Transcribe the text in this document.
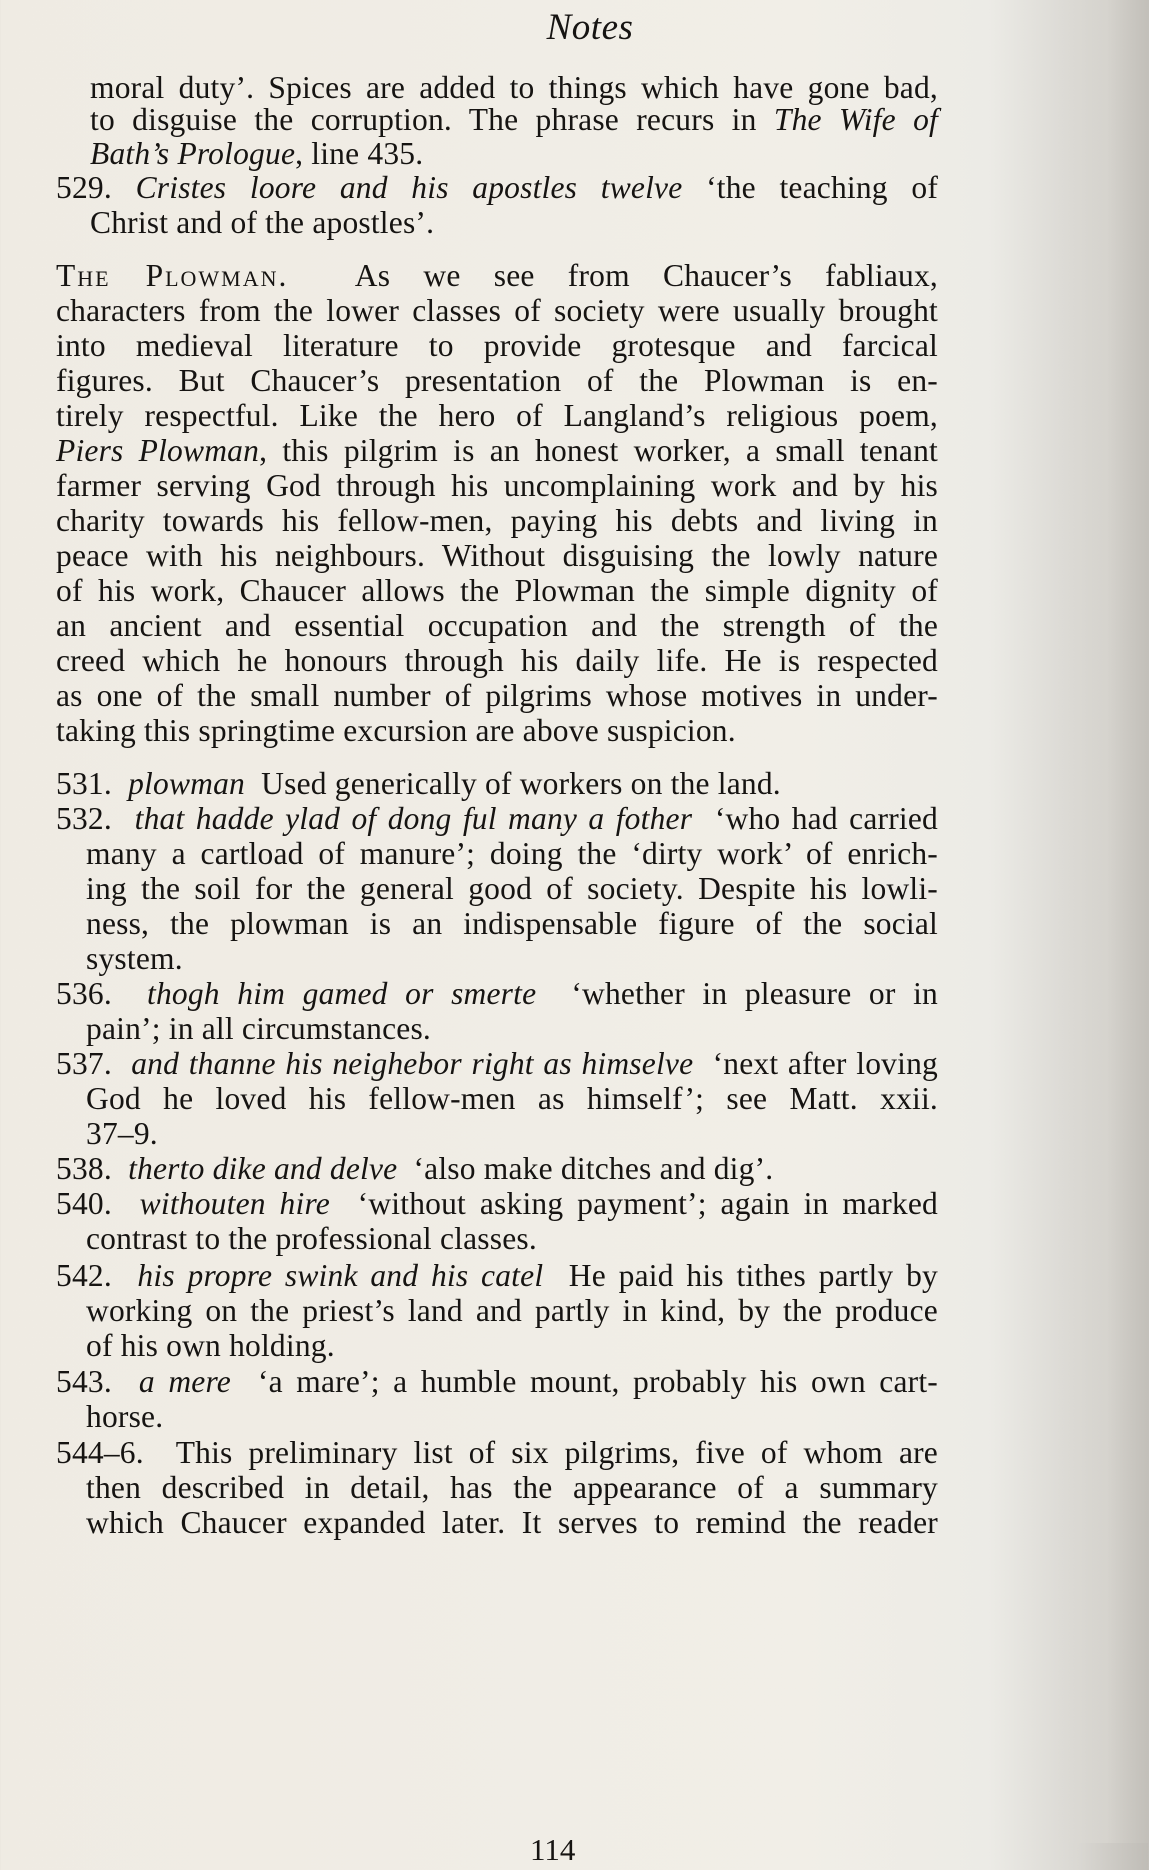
Notes
moral duty’. Spices are added to things which have gone bad,
to disguise the corruption. The phrase recurs in The Wife of
Bath’s Prologue, line 435.
529. Cristes loore and his apostles twelve ‘the teaching of
Christ and of the apostles’.
The Plowman. As we see from Chaucer’s fabliaux,
characters from the lower classes of society were usually brought
into medieval literature to provide grotesque and farcical
figures. But Chaucer’s presentation of the Plowman is en-
tirely respectful. Like the hero of Langland’s religious poem,
Piers Plowman, this pilgrim is an honest worker, a small tenant
farmer serving God through his uncomplaining work and by his
charity towards his fellow-men, paying his debts and living in
peace with his neighbours. Without disguising the lowly nature
of his work, Chaucer allows the Plowman the simple dignity of
an ancient and essential occupation and the strength of the
creed which he honours through his daily life. He is respected
as one of the small number of pilgrims whose motives in under-
taking this springtime excursion are above suspicion.
531. plowman Used generically of workers on the land.
532. that hadde ylad of dong ful many a fother ‘who had carried
many a cartload of manure’; doing the ‘dirty work’ of enrich-
ing the soil for the general good of society. Despite his lowli-
ness, the plowman is an indispensable figure of the social
system.
536. thogh him gamed or smerte ‘whether in pleasure or in
pain’; in all circumstances.
537. and thanne his neighebor right as himselve ‘next after loving
God he loved his fellow-men as himself’; see Matt. xxii.
37–9.
538. therto dike and delve ‘also make ditches and dig’.
540. withouten hire ‘without asking payment’; again in marked
contrast to the professional classes.
542. his propre swink and his catel He paid his tithes partly by
working on the priest’s land and partly in kind, by the produce
of his own holding.
543. a mere ‘a mare’; a humble mount, probably his own cart-
horse.
544–6. This preliminary list of six pilgrims, five of whom are
then described in detail, has the appearance of a summary
which Chaucer expanded later. It serves to remind the reader
114
